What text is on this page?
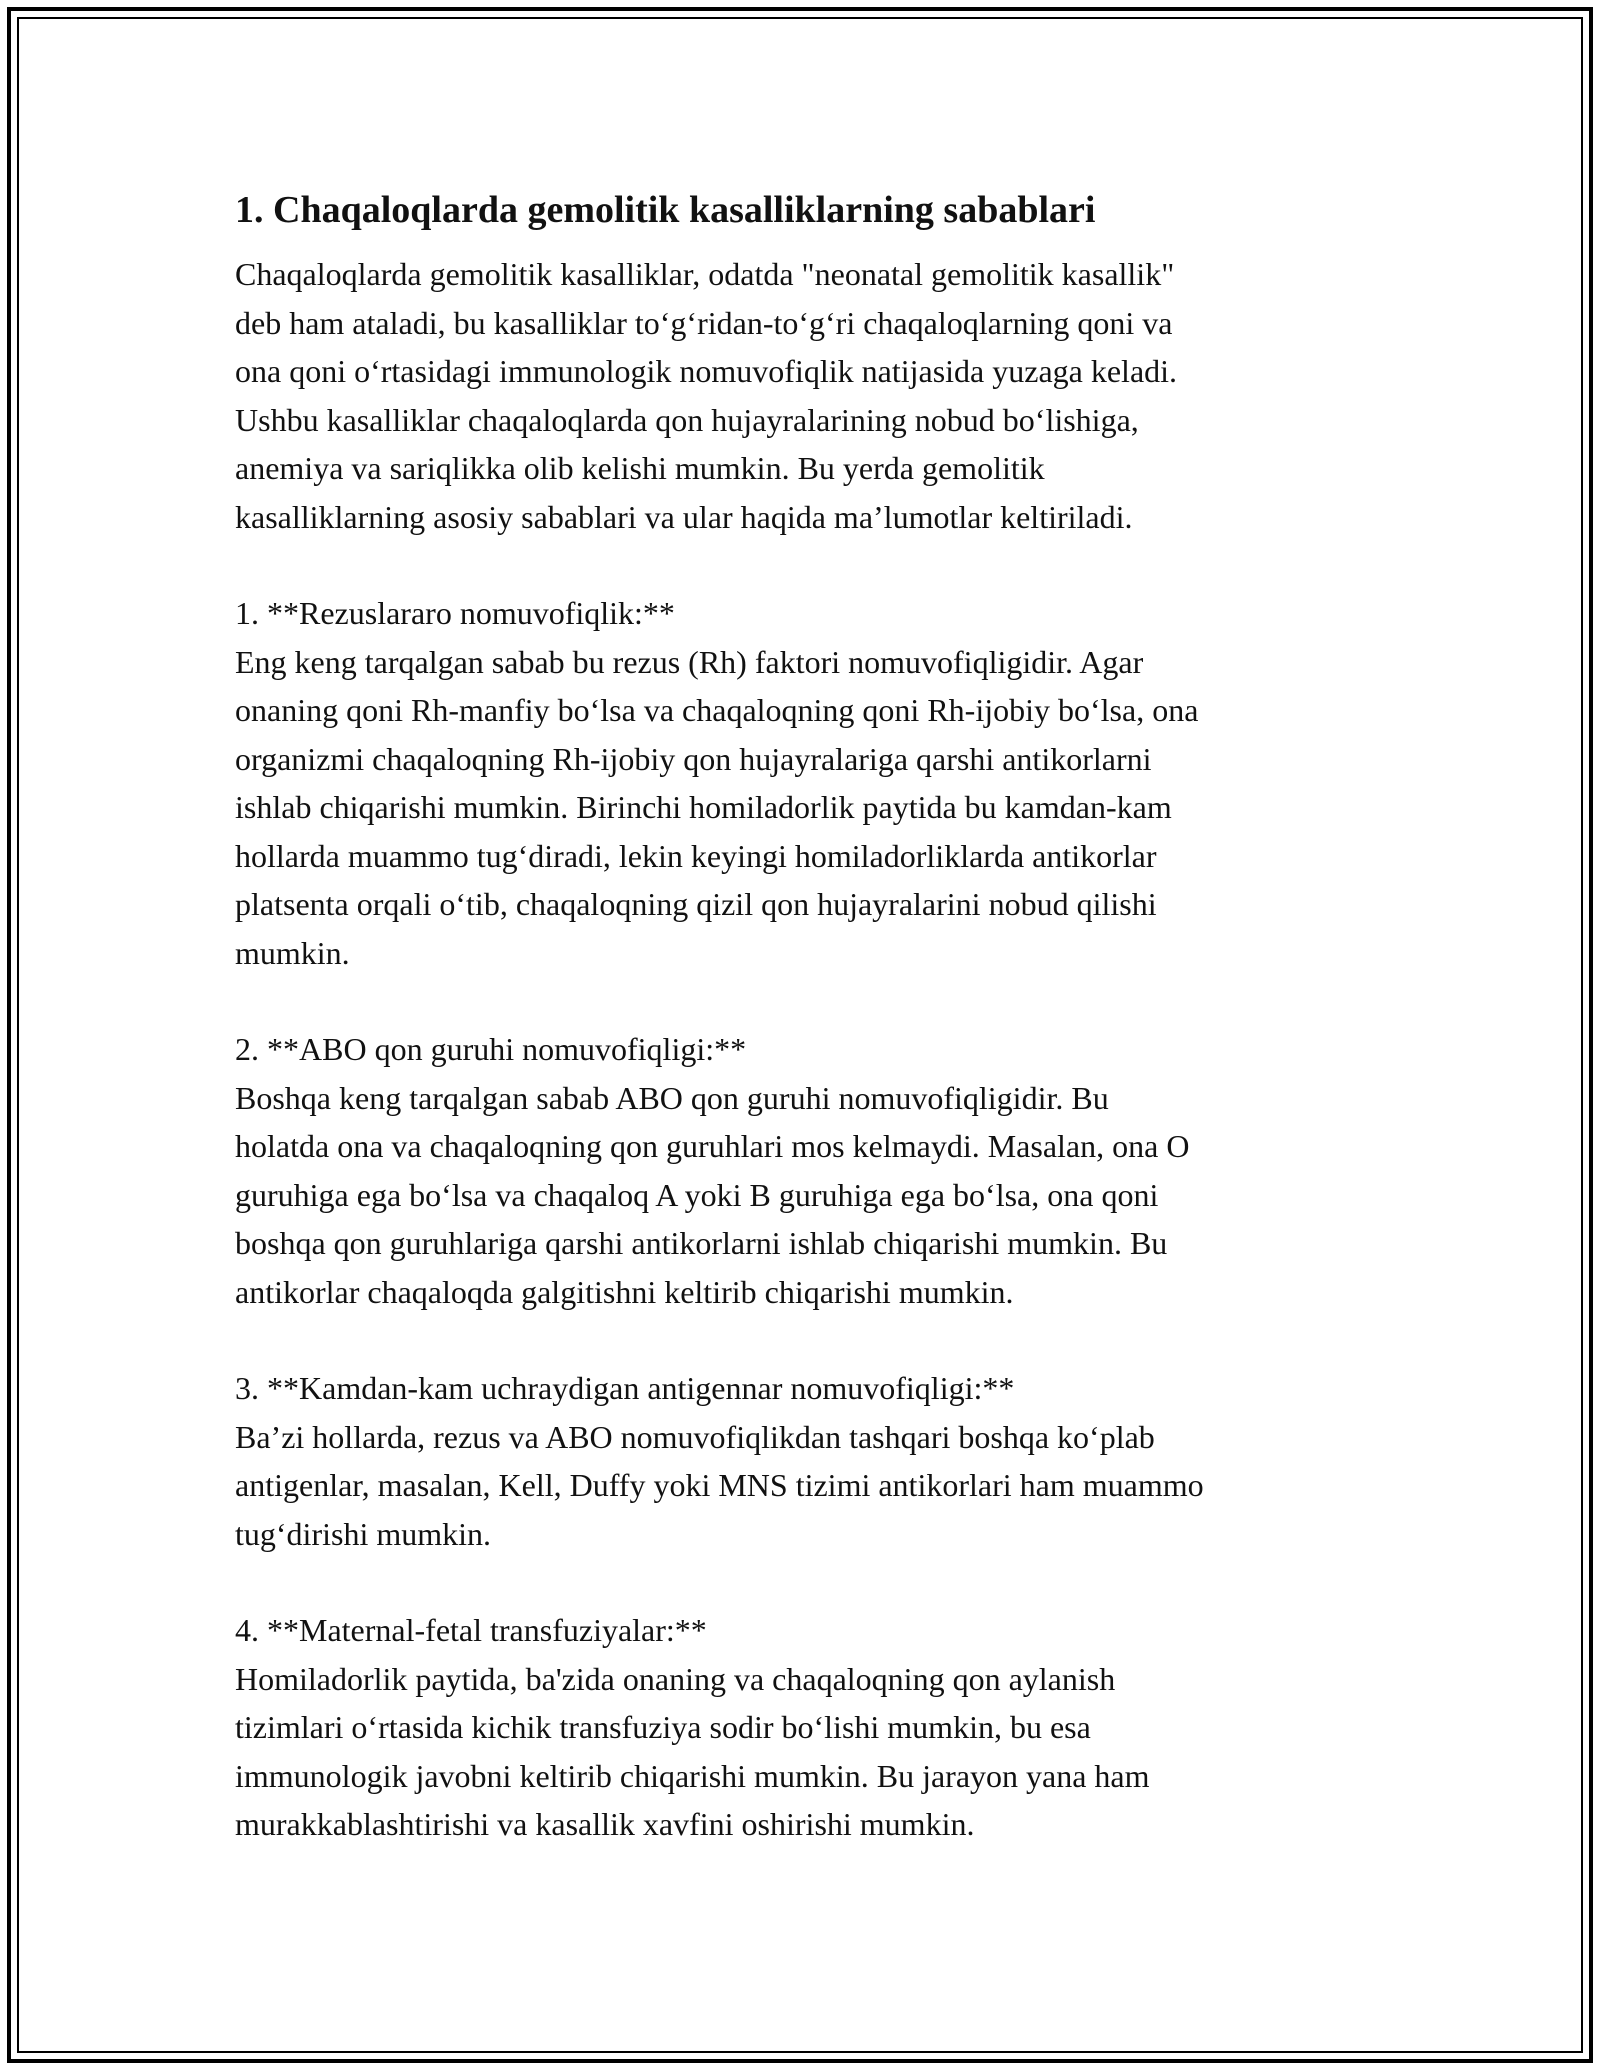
1. Chaqaloqlarda gemolitik kasalliklarning sabablari

Chaqaloqlarda gemolitik kasalliklar, odatda "neonatal gemolitik kasallik"
deb ham ataladi, bu kasalliklar to‘g‘ridan-to‘g‘ri chaqaloqlarning qoni va
ona qoni o‘rtasidagi immunologik nomuvofiqlik natijasida yuzaga keladi.
Ushbu kasalliklar chaqaloqlarda qon hujayralarining nobud bo‘lishiga,
anemiya va sariqlikka olib kelishi mumkin. Bu yerda gemolitik
kasalliklarning asosiy sabablari va ular haqida ma’lumotlar keltiriladi.

1. **Rezuslararo nomuvofiqlik:**

Eng keng tarqalgan sabab bu rezus (Rh) faktori nomuvofiqligidir. Agar
onaning qoni Rh-manfiy bo‘lsa va chaqaloqning qoni Rh-ijobiy bo‘lsa, ona
organizmi chaqaloqning Rh-ijobiy qon hujayralariga qarshi antikorlarni
ishlab chiqarishi mumkin. Birinchi homiladorlik paytida bu kamdan-kam
hollarda muammo tug‘diradi, lekin keyingi homiladorliklarda antikorlar
platsenta orqali o‘tib, chaqaloqning qizil qon hujayralarini nobud qilishi
mumkin.

2. **ABO qon guruhi nomuvofiqligi:**

Boshqa keng tarqalgan sabab ABO qon guruhi nomuvofiqligidir. Bu
holatda ona va chaqaloqning qon guruhlari mos kelmaydi. Masalan, ona O
guruhiga ega bo‘lsa va chaqaloq A yoki B guruhiga ega bo‘lsa, ona qoni
boshqa qon guruhlariga qarshi antikorlarni ishlab chiqarishi mumkin. Bu
antikorlar chaqaloqda galgitishni keltirib chiqarishi mumkin.

3. **Kamdan-kam uchraydigan antigennar nomuvofiqligi:**

Ba’zi hollarda, rezus va ABO nomuvofiqlikdan tashqari boshqa ko‘plab
antigenlar, masalan, Kell, Duffy yoki MNS tizimi antikorlari ham muammo
tug‘dirishi mumkin.

4. **Maternal-fetal transfuziyalar:**

Homiladorlik paytida, ba'zida onaning va chaqaloqning qon aylanish
tizimlari o‘rtasida kichik transfuziya sodir bo‘lishi mumkin, bu esa
immunologik javobni keltirib chiqarishi mumkin. Bu jarayon yana ham
murakkablashtirishi va kasallik xavfini oshirishi mumkin.
